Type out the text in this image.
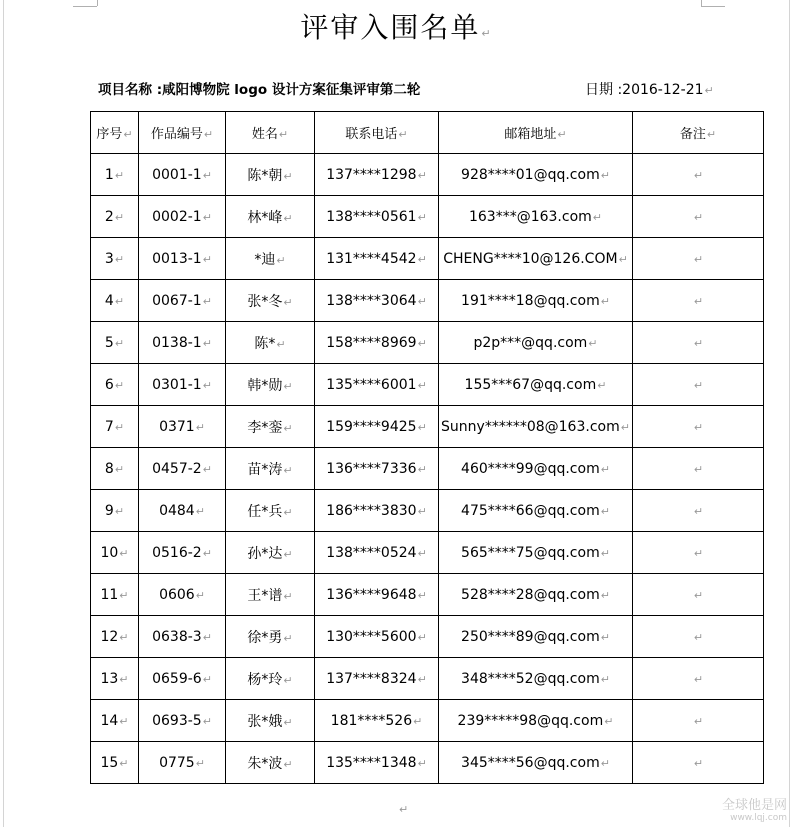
评审入围名单↵
项目名称 :咸阳博物院 logo 设计方案征集评审第二轮	日期 :2016-12-21↵
序号↵	作品编号↵	姓名↵	联系电话↵	邮箱地址↵	备注↵
1↵	0001-1↵	陈*朝↵	137****1298↵	928****01@qq.com↵	↵
2↵	0002-1↵	林*峰↵	138****0561↵	163***@163.com↵	↵
3↵	0013-1↵	*迪↵	131****4542↵	CHENG****10@126.COM↵	↵
4↵	0067-1↵	张*冬↵	138****3064↵	191****18@qq.com↵	↵
5↵	0138-1↵	陈*↵	158****8969↵	p2p***@qq.com↵	↵
6↵	0301-1↵	韩*勋↵	135****6001↵	155***67@qq.com↵	↵
7↵	0371↵	李*銮↵	159****9425↵	Sunny******08@163.com↵	↵
8↵	0457-2↵	苗*涛↵	136****7336↵	460****99@qq.com↵	↵
9↵	0484↵	任*兵↵	186****3830↵	475****66@qq.com↵	↵
10↵	0516-2↵	孙*达↵	138****0524↵	565****75@qq.com↵	↵
11↵	0606↵	王*谱↵	136****9648↵	528****28@qq.com↵	↵
12↵	0638-3↵	徐*勇↵	130****5600↵	250****89@qq.com↵	↵
13↵	0659-6↵	杨*玲↵	137****8324↵	348****52@qq.com↵	↵
14↵	0693-5↵	张*娥↵	181****526↵	239*****98@qq.com↵	↵
15↵	0775↵	朱*波↵	135****1348↵	345****56@qq.com↵	↵
↵	全球他是网
www.lqj.com
